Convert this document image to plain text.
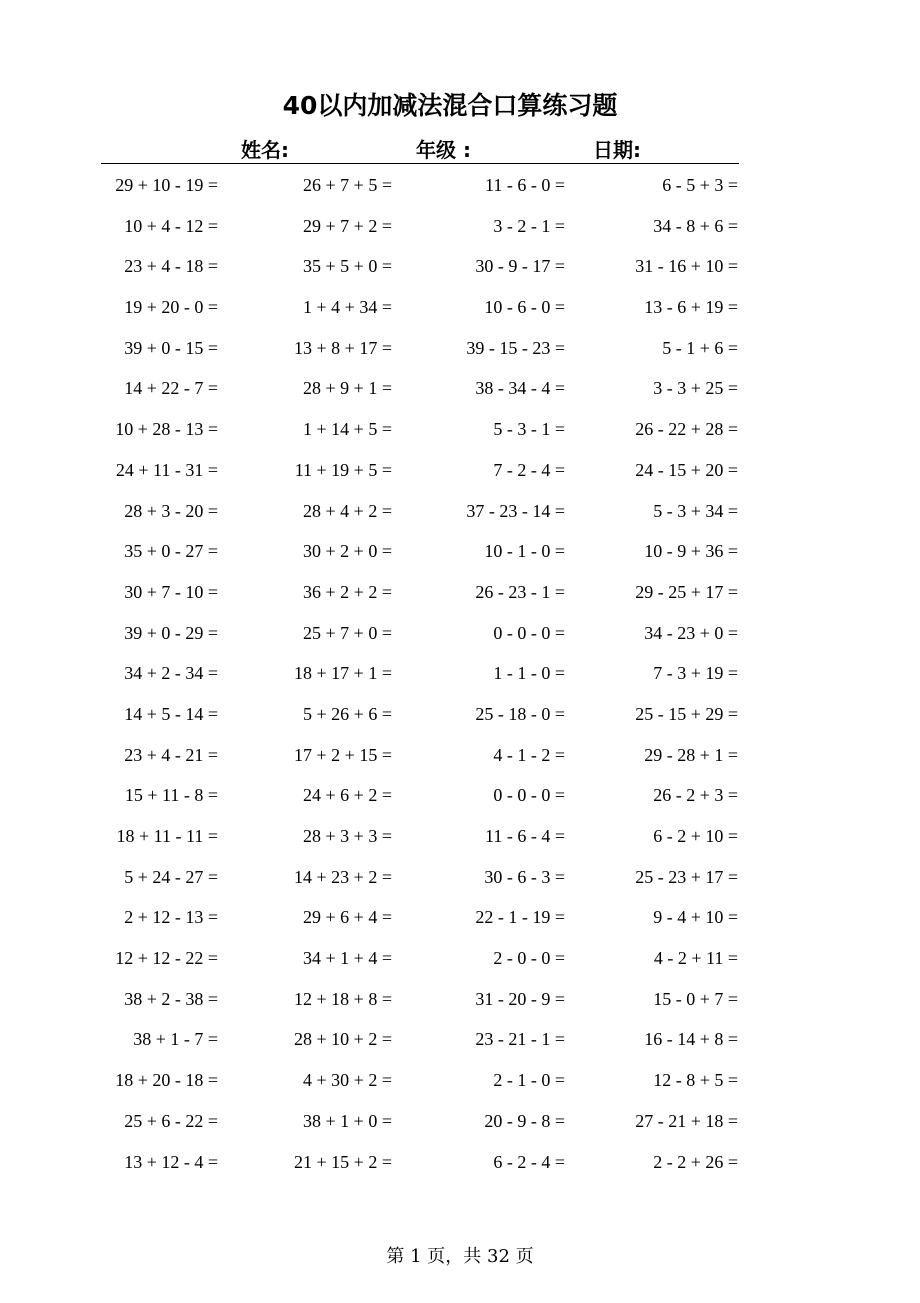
40以内加减法混合口算练习题
姓名:	年级 :	日期:
29 + 10 - 19 =	26 + 7 + 5 =	11 - 6 - 0 =	6 - 5 + 3 =
10 + 4 - 12 =	29 + 7 + 2 =	3 - 2 - 1 =	34 - 8 + 6 =
23 + 4 - 18 =	35 + 5 + 0 =	30 - 9 - 17 =	31 - 16 + 10 =
19 + 20 - 0 =	1 + 4 + 34 =	10 - 6 - 0 =	13 - 6 + 19 =
39 + 0 - 15 =	13 + 8 + 17 =	39 - 15 - 23 =	5 - 1 + 6 =
14 + 22 - 7 =	28 + 9 + 1 =	38 - 34 - 4 =	3 - 3 + 25 =
10 + 28 - 13 =	1 + 14 + 5 =	5 - 3 - 1 =	26 - 22 + 28 =
24 + 11 - 31 =	11 + 19 + 5 =	7 - 2 - 4 =	24 - 15 + 20 =
28 + 3 - 20 =	28 + 4 + 2 =	37 - 23 - 14 =	5 - 3 + 34 =
35 + 0 - 27 =	30 + 2 + 0 =	10 - 1 - 0 =	10 - 9 + 36 =
30 + 7 - 10 =	36 + 2 + 2 =	26 - 23 - 1 =	29 - 25 + 17 =
39 + 0 - 29 =	25 + 7 + 0 =	0 - 0 - 0 =	34 - 23 + 0 =
34 + 2 - 34 =	18 + 17 + 1 =	1 - 1 - 0 =	7 - 3 + 19 =
14 + 5 - 14 =	5 + 26 + 6 =	25 - 18 - 0 =	25 - 15 + 29 =
23 + 4 - 21 =	17 + 2 + 15 =	4 - 1 - 2 =	29 - 28 + 1 =
15 + 11 - 8 =	24 + 6 + 2 =	0 - 0 - 0 =	26 - 2 + 3 =
18 + 11 - 11 =	28 + 3 + 3 =	11 - 6 - 4 =	6 - 2 + 10 =
5 + 24 - 27 =	14 + 23 + 2 =	30 - 6 - 3 =	25 - 23 + 17 =
2 + 12 - 13 =	29 + 6 + 4 =	22 - 1 - 19 =	9 - 4 + 10 =
12 + 12 - 22 =	34 + 1 + 4 =	2 - 0 - 0 =	4 - 2 + 11 =
38 + 2 - 38 =	12 + 18 + 8 =	31 - 20 - 9 =	15 - 0 + 7 =
38 + 1 - 7 =	28 + 10 + 2 =	23 - 21 - 1 =	16 - 14 + 8 =
18 + 20 - 18 =	4 + 30 + 2 =	2 - 1 - 0 =	12 - 8 + 5 =
25 + 6 - 22 =	38 + 1 + 0 =	20 - 9 - 8 =	27 - 21 + 18 =
13 + 12 - 4 =	21 + 15 + 2 =	6 - 2 - 4 =	2 - 2 + 26 =
第 1 页，共 32 页
